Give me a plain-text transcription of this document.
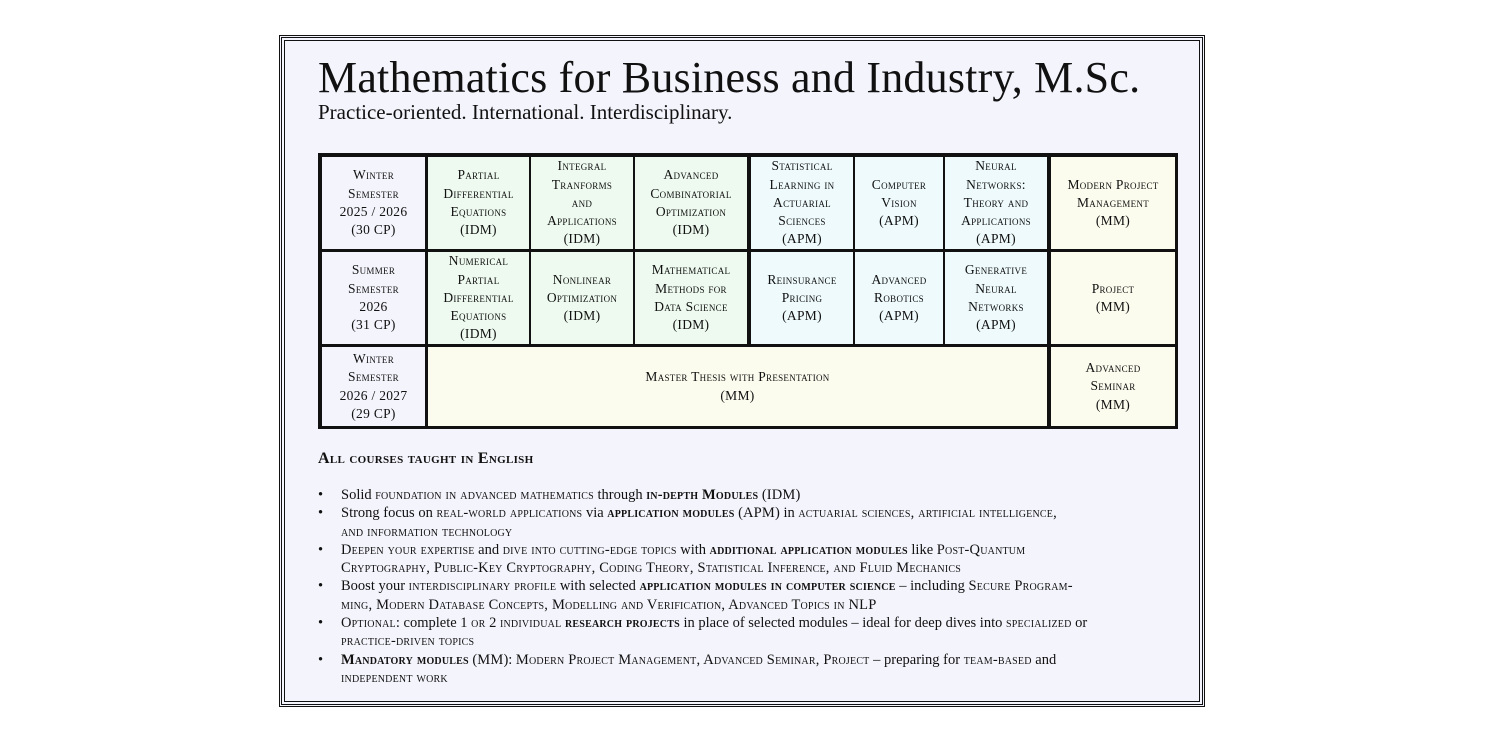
Mathematics for Business and Industry, M.Sc.
Practice-oriented. International. Interdisciplinary.
Winter
Semester
2025 / 2026
(30 CP)
Summer
Semester
2026
(31 CP)
Winter
Semester
2026 / 2027
(29 CP)
Partial
Differential
Equations
(IDM)
Integral
Tranforms
and
Applications
(IDM)
Advanced
Combinatorial
Optimization
(IDM)
Statistical
Learning in
Actuarial
Sciences
(APM)
Computer
Vision
(APM)
Neural
Networks:
Theory and
Applications
(APM)
Modern Project
Management
(MM)
Numerical
Partial
Differential
Equations
(IDM)
Nonlinear
Optimization
(IDM)
Mathematical
Methods for
Data Science
(IDM)
Reinsurance
Pricing
(APM)
Advanced
Robotics
(APM)
Generative
Neural
Networks
(APM)
Project
(MM)
Master Thesis with Presentation
(MM)
Advanced
Seminar
(MM)
All courses taught in English
• Solid foundation in advanced mathematics through in-depth Modules (IDM)
• Strong focus on real-world applications via application modules (APM) in actuarial sciences, artificial intelligence,
and information technology
• Deepen your expertise and dive into cutting-edge topics with additional application modules like Post-Quantum
Cryptography, Public-Key Cryptography, Coding Theory, Statistical Inference, and Fluid Mechanics
• Boost your interdisciplinary profile with selected application modules in computer science – including Secure Program-
ming, Modern Database Concepts, Modelling and Verification, Advanced Topics in NLP
• Optional: complete 1 or 2 individual research projects in place of selected modules – ideal for deep dives into specialized or
practice-driven topics
• Mandatory modules (MM): Modern Project Management, Advanced Seminar, Project – preparing for team-based and
independent work
